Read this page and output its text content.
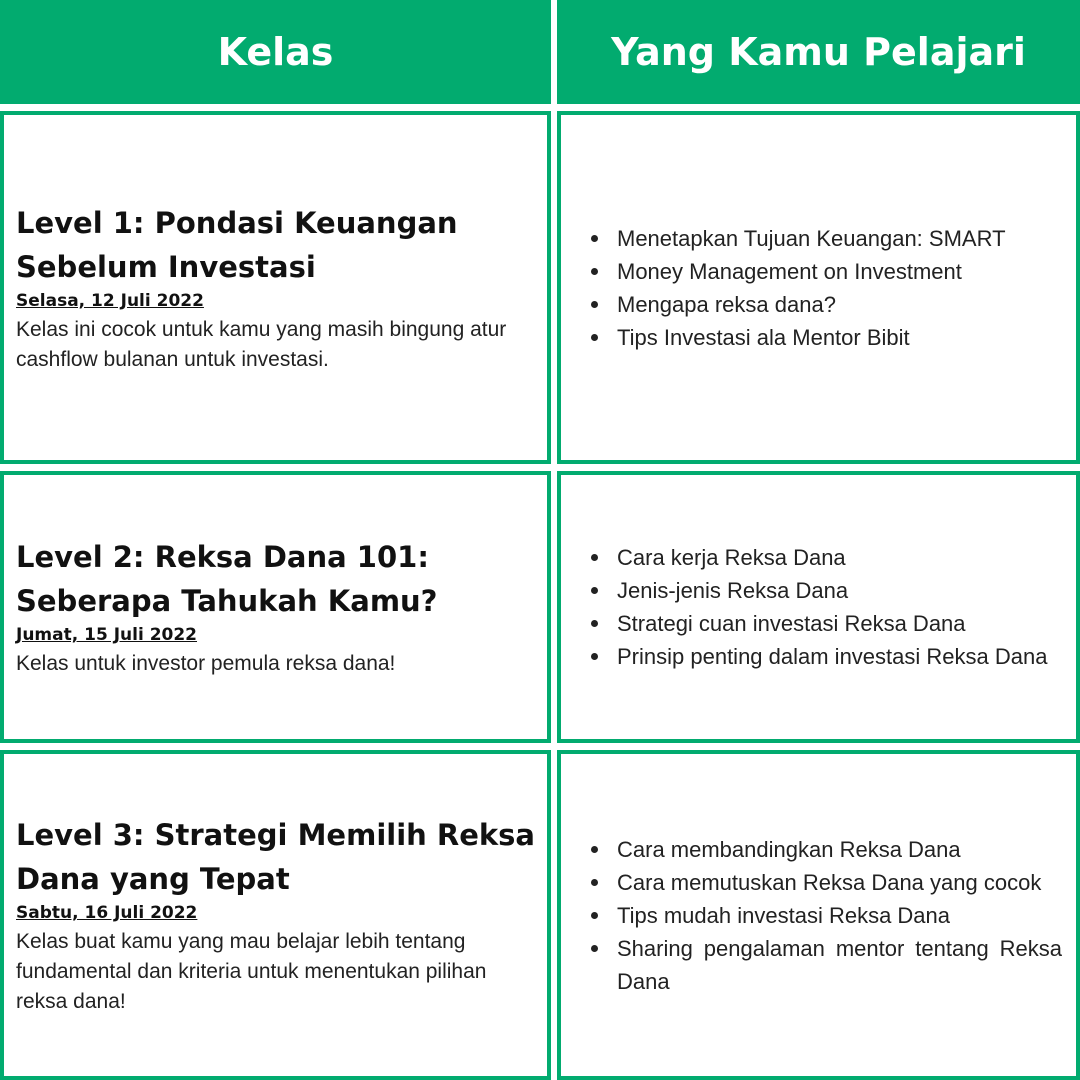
Kelas	Yang Kamu Pelajari

Level 1: Pondasi Keuangan Sebelum Investasi

Selasa, 12 Juli 2022

Kelas ini cocok untuk kamu yang masih bingung atur cashflow bulanan untuk investasi.

Menetapkan Tujuan Keuangan: SMART
Money Management on Investment
Mengapa reksa dana?
Tips Investasi ala Mentor Bibit

Level 2: Reksa Dana 101: Seberapa Tahukah Kamu?

Jumat, 15 Juli 2022

Kelas untuk investor pemula reksa dana!

Cara kerja Reksa Dana
Jenis-jenis Reksa Dana
Strategi cuan investasi Reksa Dana
Prinsip penting dalam investasi Reksa Dana

Level 3: Strategi Memilih Reksa Dana yang Tepat

Sabtu, 16 Juli 2022

Kelas buat kamu yang mau belajar lebih tentang fundamental dan kriteria untuk menentukan pilihan reksa dana!

Cara membandingkan Reksa Dana
Cara memutuskan Reksa Dana yang cocok
Tips mudah investasi Reksa Dana
Sharing pengalaman mentor tentang Reksa Dana
